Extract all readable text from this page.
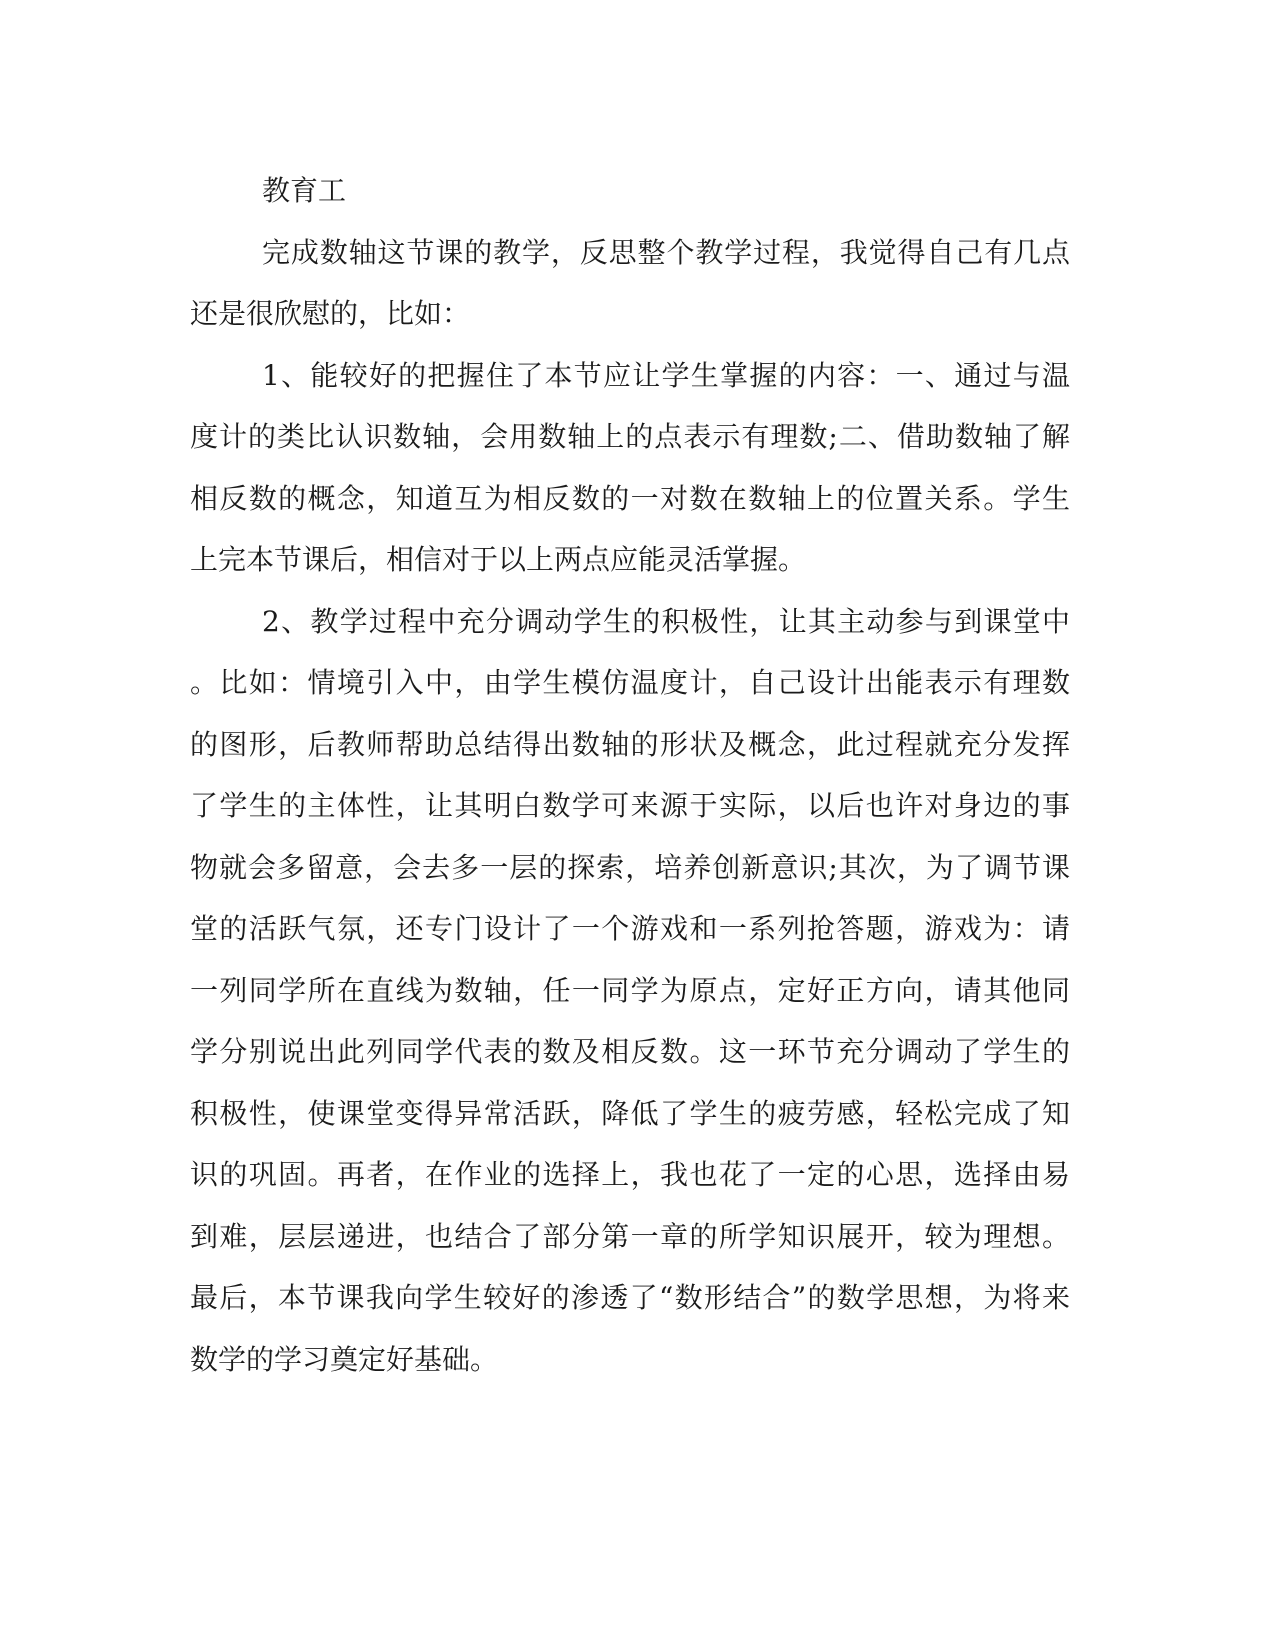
教育工
完成数轴这节课的教学，反思整个教学过程，我觉得自己有几点
还是很欣慰的，比如：
1、能较好的把握住了本节应让学生掌握的内容：一、通过与温
度计的类比认识数轴，会用数轴上的点表示有理数;二、借助数轴了解
相反数的概念，知道互为相反数的一对数在数轴上的位置关系。学生
上完本节课后，相信对于以上两点应能灵活掌握。
2、教学过程中充分调动学生的积极性，让其主动参与到课堂中
。比如：情境引入中，由学生模仿温度计，自己设计出能表示有理数
的图形，后教师帮助总结得出数轴的形状及概念，此过程就充分发挥
了学生的主体性，让其明白数学可来源于实际，以后也许对身边的事
物就会多留意，会去多一层的探索，培养创新意识;其次，为了调节课
堂的活跃气氛，还专门设计了一个游戏和一系列抢答题，游戏为：请
一列同学所在直线为数轴，任一同学为原点，定好正方向，请其他同
学分别说出此列同学代表的数及相反数。这一环节充分调动了学生的
积极性，使课堂变得异常活跃，降低了学生的疲劳感，轻松完成了知
识的巩固。再者，在作业的选择上，我也花了一定的心思，选择由易
到难，层层递进，也结合了部分第一章的所学知识展开，较为理想。
最后，本节课我向学生较好的渗透了“数形结合”的数学思想，为将来
数学的学习奠定好基础。
